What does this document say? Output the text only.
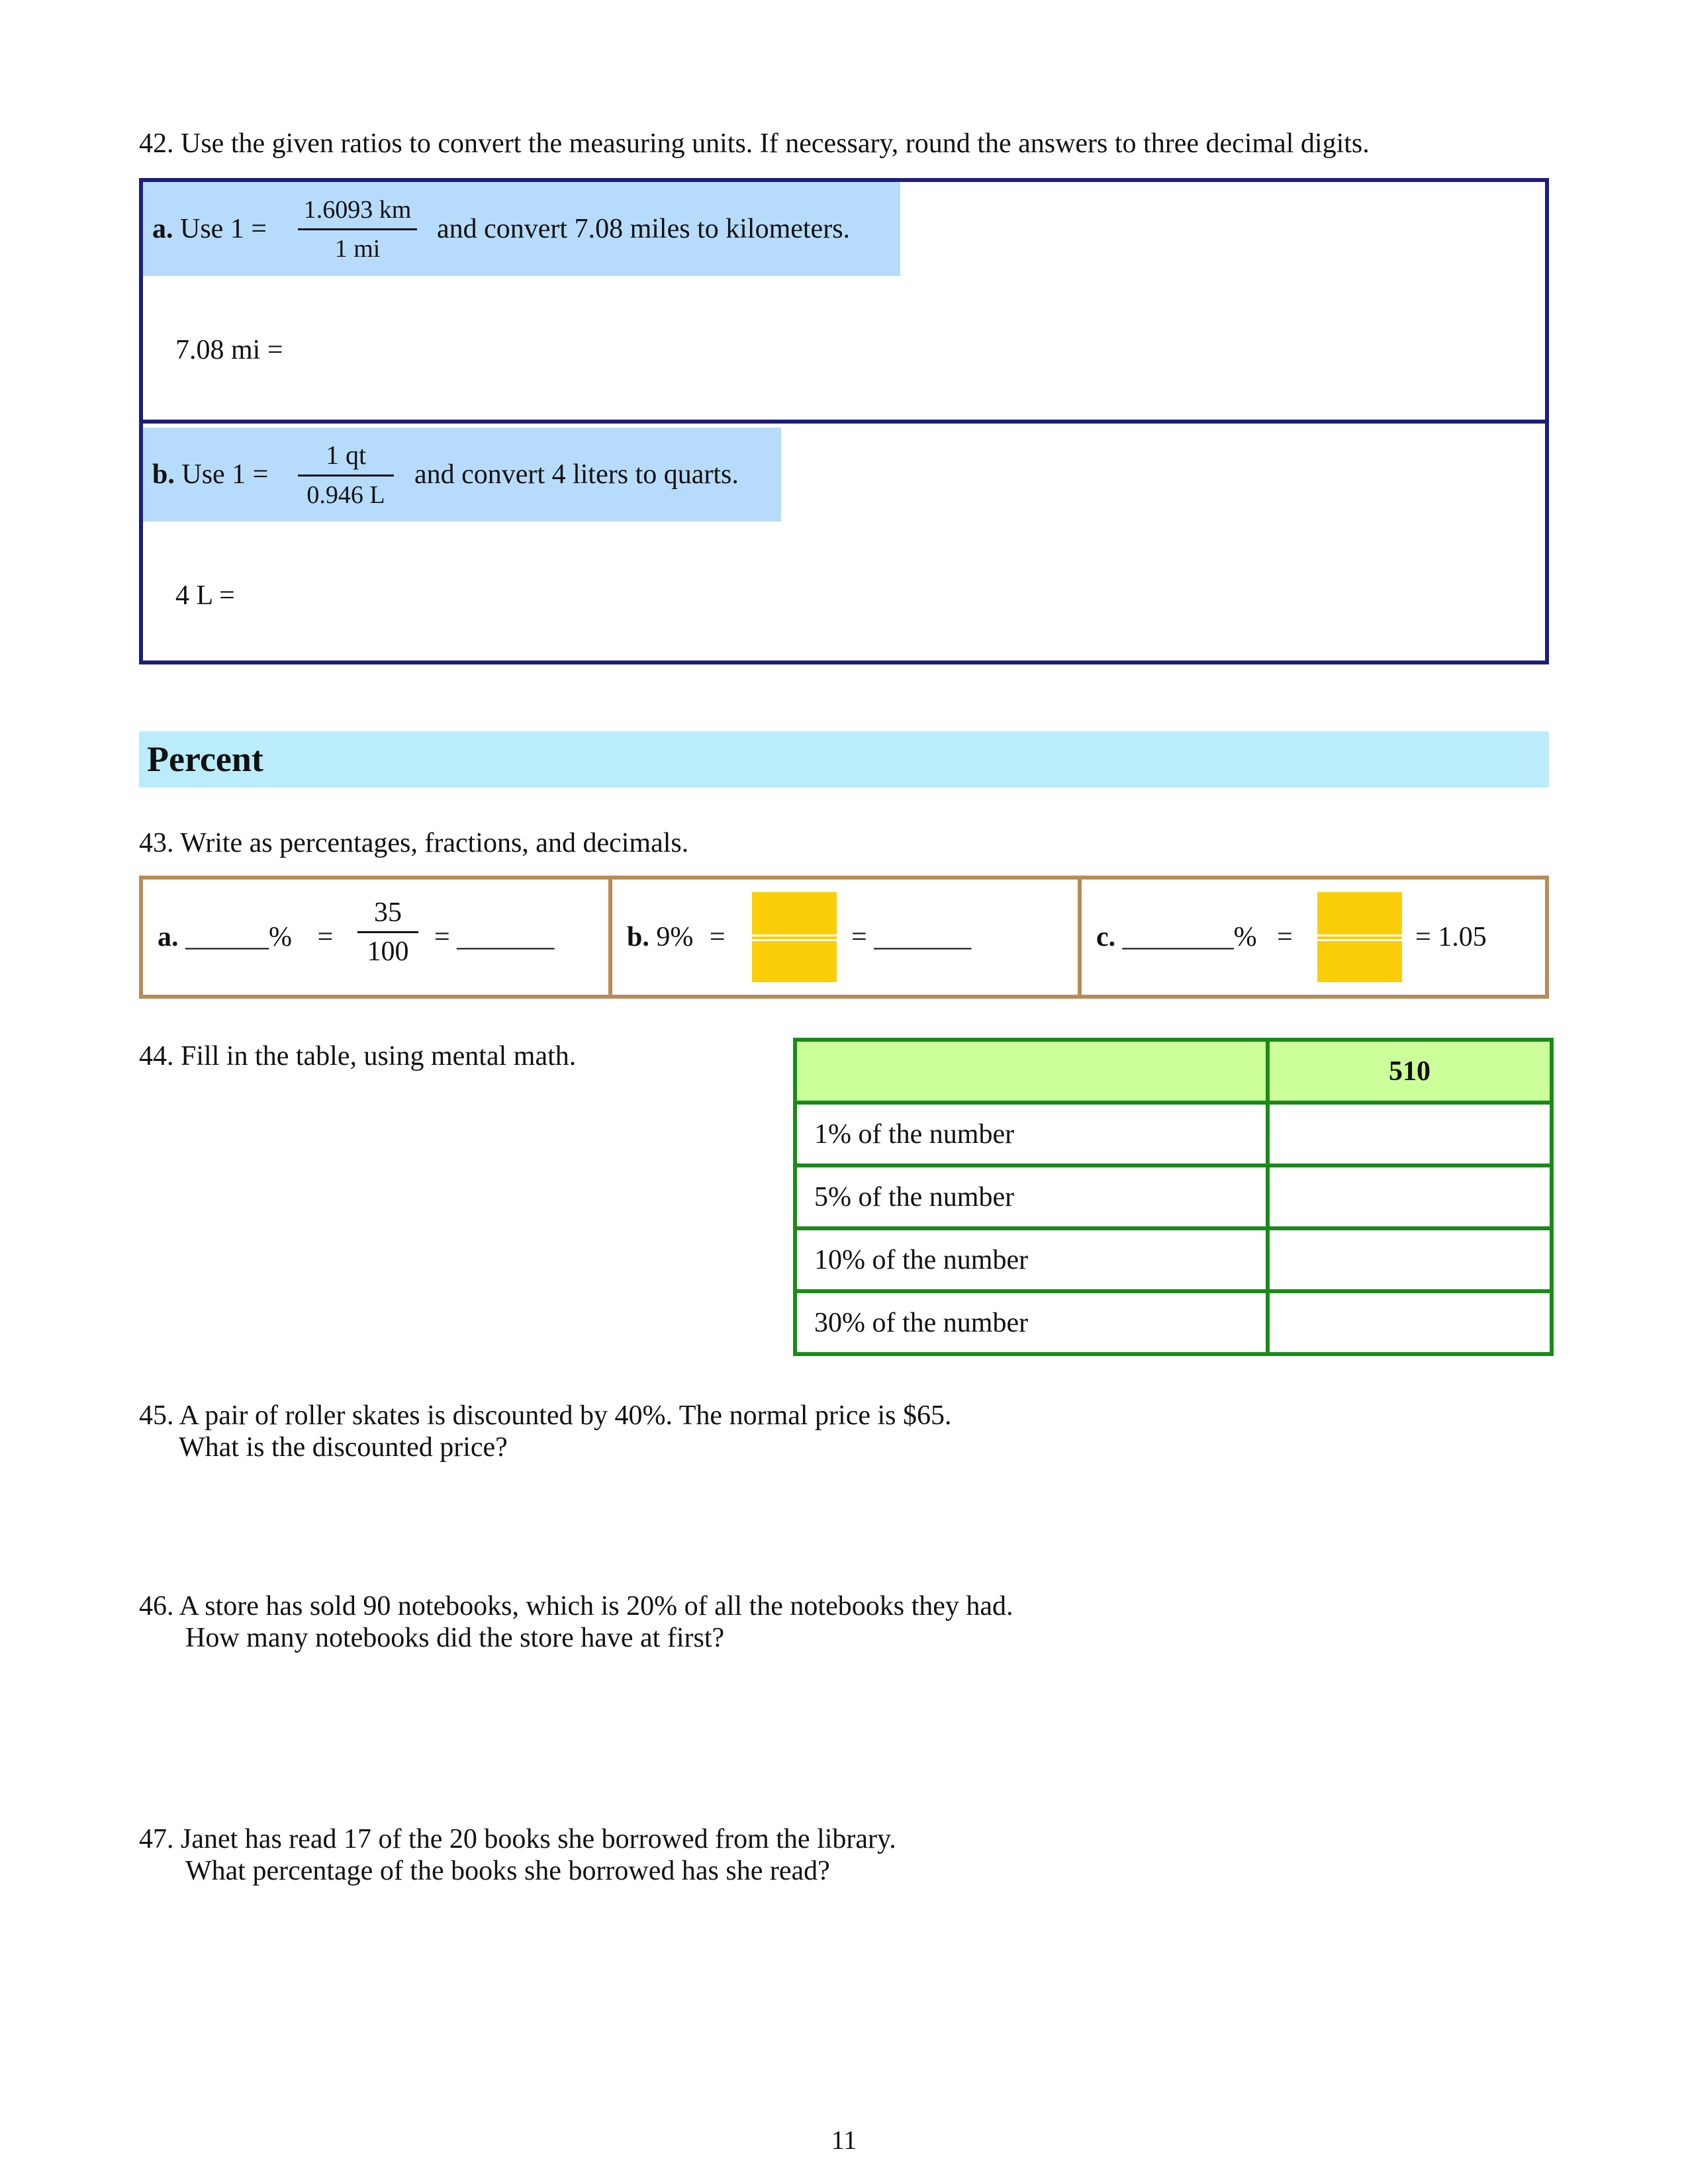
42. Use the given ratios to convert the measuring units. If necessary, round the answers to three decimal digits.
a. Use 1 =
1.6093 km
1 mi
and convert 7.08 miles to kilometers.
7.08 mi =
b. Use 1 =
1 qt
0.946 L
and convert 4 liters to quarts.
4 L =
Percent
43. Write as percentages, fractions, and decimals.
a. ______% =
35
100 = _______	b. 9% =	= _______	c. ________% =	= 1.05
44. Fill in the table, using mental math.
		510
1% of the number	
5% of the number	
10% of the number	
30% of the number	
45. A pair of roller skates is discounted by 40%. The normal price is $65.
What is the discounted price?
46. A store has sold 90 notebooks, which is 20% of all the notebooks they had.
How many notebooks did the store have at first?
47. Janet has read 17 of the 20 books she borrowed from the library.
What percentage of the books she borrowed has she read?
11
